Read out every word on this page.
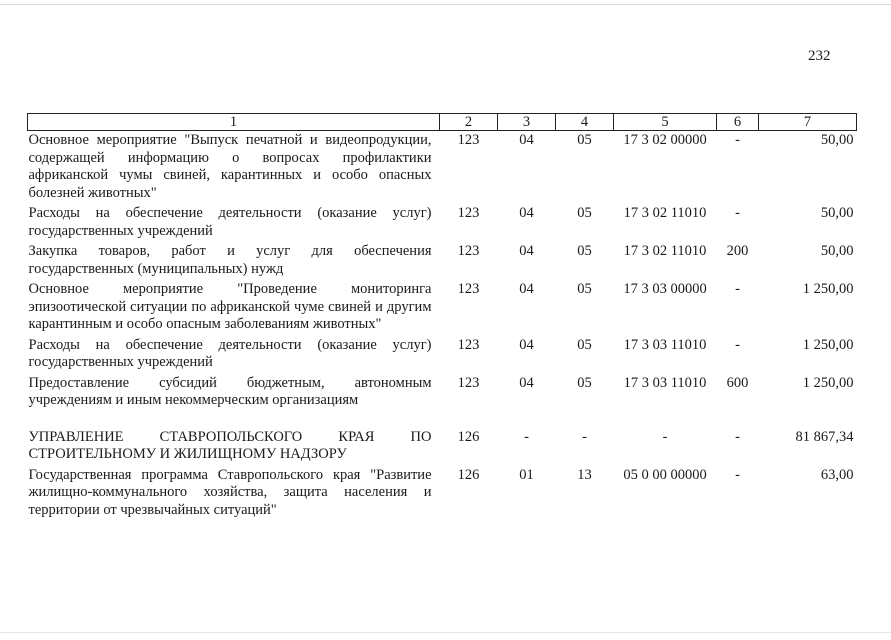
232
1	2	3	4	5	6	7
Основное мероприятие "Выпуск печатной и видеопродукции, содержащей информацию о вопросах профилактики африканской чумы свиней, карантинных и особо опасных болезней животных"	123	04	05	17 3 02 00000	-	50,00
Расходы на обеспечение деятельности (оказание услуг) государственных учреждений	123	04	05	17 3 02 11010	-	50,00
Закупка товаров, работ и услуг для обеспечения государственных (муниципальных) нужд	123	04	05	17 3 02 11010	200	50,00
Основное мероприятие "Проведение мониторинга эпизоотической ситуации по африканской чуме свиней и другим карантинным и особо опасным заболеваниям животных"	123	04	05	17 3 03 00000	-	1 250,00
Расходы на обеспечение деятельности (оказание услуг) государственных учреждений	123	04	05	17 3 03 11010	-	1 250,00
Предоставление субсидий бюджетным, автономным учреждениям и иным некоммерческим организациям	123	04	05	17 3 03 11010	600	1 250,00

УПРАВЛЕНИЕ СТАВРОПОЛЬСКОГО КРАЯ ПО СТРОИТЕЛЬНОМУ И ЖИЛИЩНОМУ НАДЗОРУ	126	-	-	-	-	81 867,34
Государственная программа Ставропольского края "Развитие жилищно-коммунального хозяйства, защита населения и территории от чрезвычайных ситуаций"	126	01	13	05 0 00 00000	-	63,00
